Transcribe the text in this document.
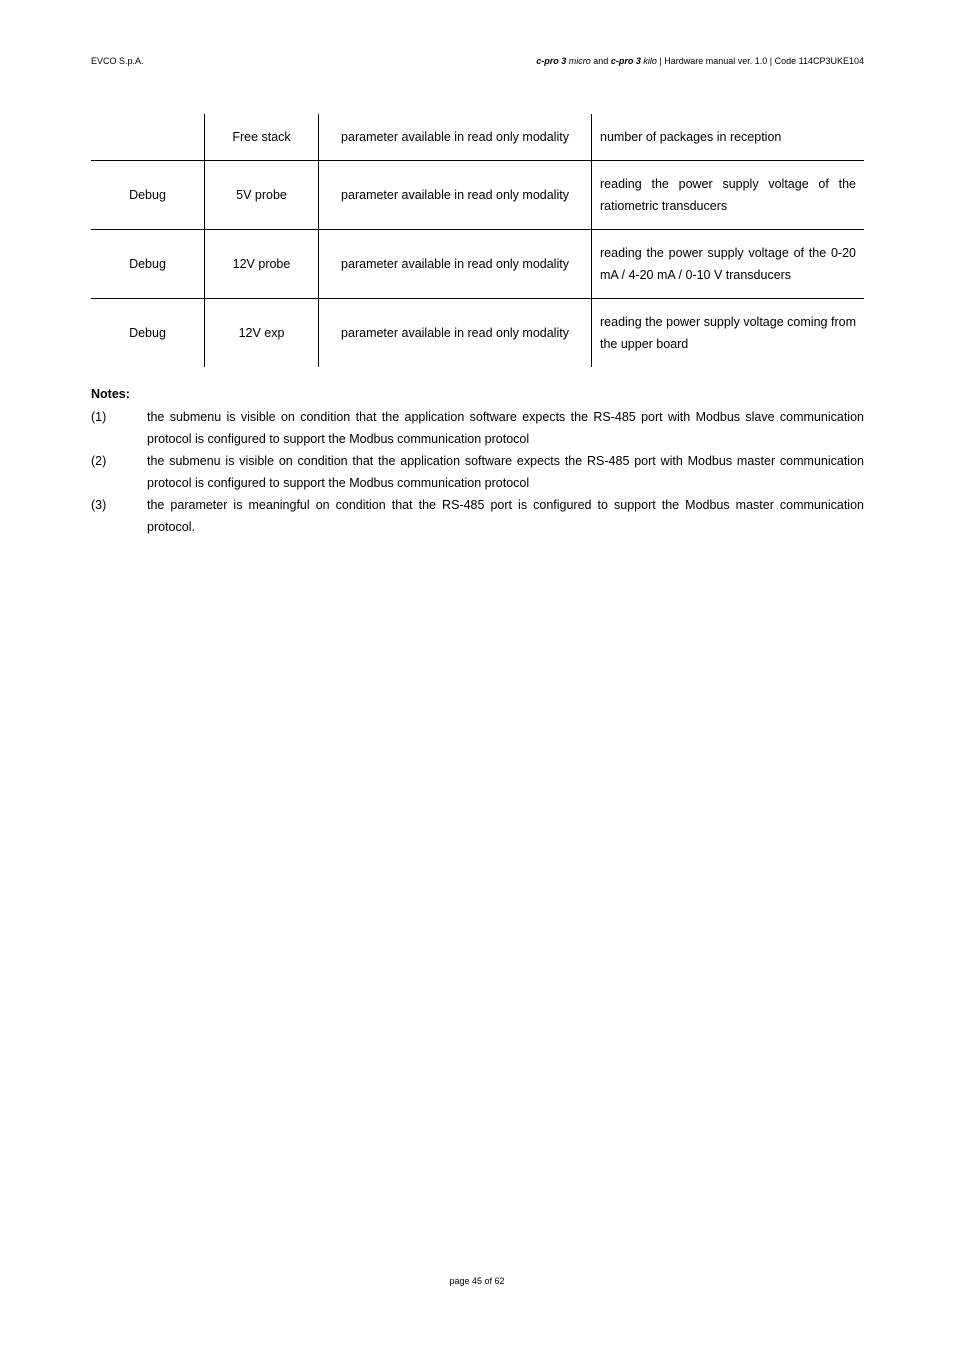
EVCO S.p.A.	c-pro 3 micro and c-pro 3 kilo | Hardware manual ver. 1.0 | Code 114CP3UKE104
	Free stack	parameter available in read only modality	number of packages in reception
Debug	5V probe	parameter available in read only modality	reading the power supply voltage of the ratiometric transducers
Debug	12V probe	parameter available in read only modality	reading the power supply voltage of the 0-20 mA / 4-20 mA / 0-10 V transducers
Debug	12V exp	parameter available in read only modality	reading the power supply voltage coming from the upper board
Notes:
(1)	the submenu is visible on condition that the application software expects the RS-485 port with Modbus slave communication protocol is configured to support the Modbus communication protocol
(2)	the submenu is visible on condition that the application software expects the RS-485 port with Modbus master communication protocol is configured to support the Modbus communication protocol
(3)	the parameter is meaningful on condition that the RS-485 port is configured to support the Modbus master communication protocol.
page 45 of 62
